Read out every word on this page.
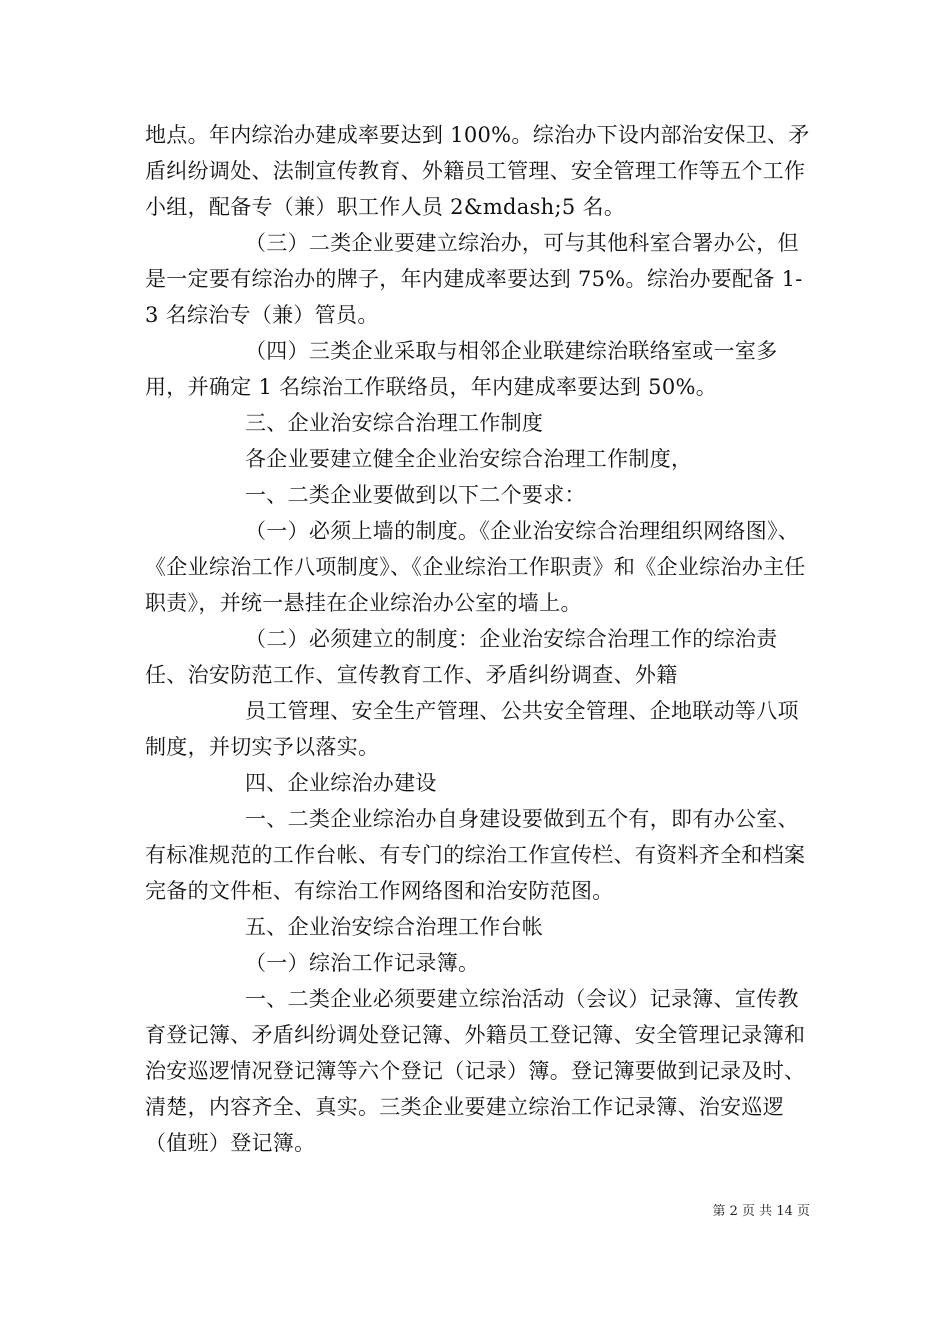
地点。年内综治办建成率要达到 100%。综治办下设内部治安保卫、矛盾纠纷调处、法制宣传教育、外籍员工管理、安全管理工作等五个工作小组，配备专（兼）职工作人员 2&mdash;5 名。

（三）二类企业要建立综治办，可与其他科室合署办公，但是一定要有综治办的牌子，年内建成率要达到 75%。综治办要配备 1-3 名综治专（兼）管员。

（四）三类企业采取与相邻企业联建综治联络室或一室多用，并确定 1 名综治工作联络员，年内建成率要达到 50%。

三、企业治安综合治理工作制度

各企业要建立健全企业治安综合治理工作制度，

一、二类企业要做到以下二个要求：

（一）必须上墙的制度。《企业治安综合治理组织网络图》、《企业综治工作八项制度》、《企业综治工作职责》和《企业综治办主任职责》，并统一悬挂在企业综治办公室的墙上。

（二）必须建立的制度：企业治安综合治理工作的综治责任、治安防范工作、宣传教育工作、矛盾纠纷调查、外籍

员工管理、安全生产管理、公共安全管理、企地联动等八项制度，并切实予以落实。

四、企业综治办建设

一、二类企业综治办自身建设要做到五个有，即有办公室、有标准规范的工作台帐、有专门的综治工作宣传栏、有资料齐全和档案完备的文件柜、有综治工作网络图和治安防范图。

五、企业治安综合治理工作台帐

（一）综治工作记录簿。

一、二类企业必须要建立综治活动（会议）记录簿、宣传教育登记簿、矛盾纠纷调处登记簿、外籍员工登记簿、安全管理记录簿和治安巡逻情况登记簿等六个登记（记录）簿。登记簿要做到记录及时、清楚，内容齐全、真实。三类企业要建立综治工作记录簿、治安巡逻（值班）登记簿。

第 2 页 共 14 页
